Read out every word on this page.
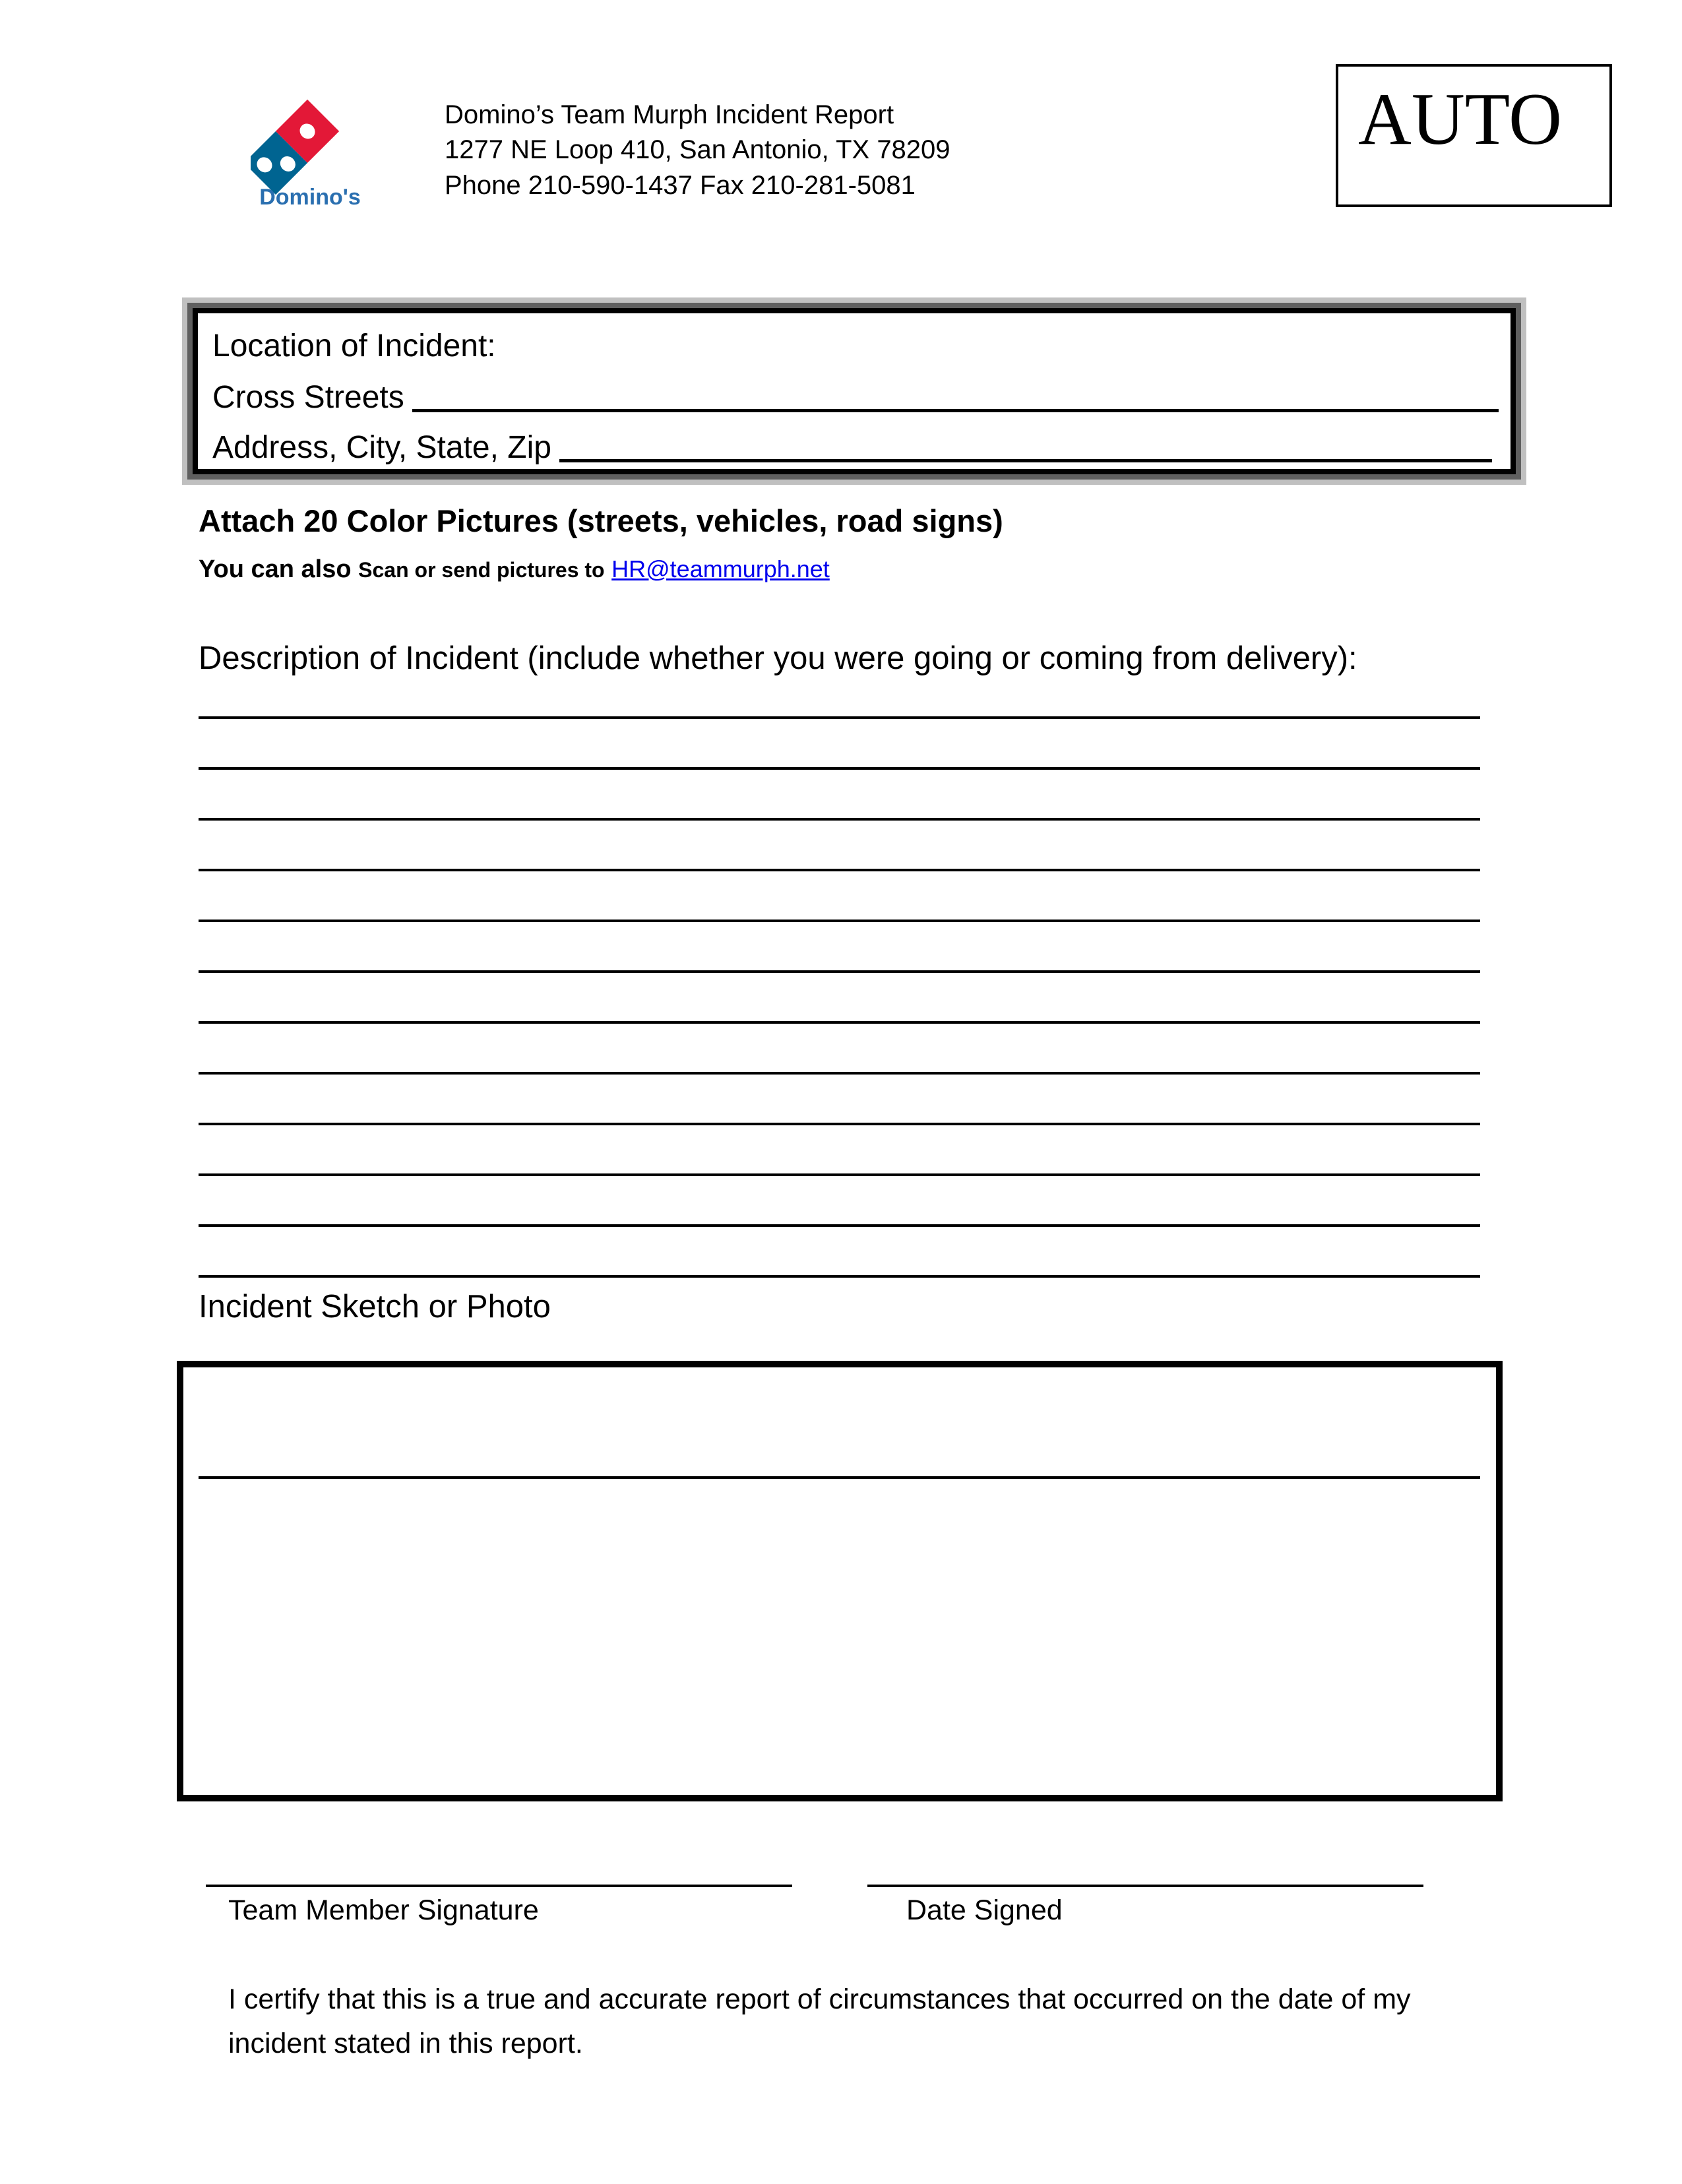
Domino's
Domino’s Team Murph Incident Report
1277 NE Loop 410, San Antonio, TX 78209
Phone 210-590-1437 Fax 210-281-5081
AUTO
Location of Incident:
Cross Streets
Address, City, State, Zip
Attach 20 Color Pictures (streets, vehicles, road signs)
You can also Scan or send pictures to HR@teammurph.net
Description of Incident (include whether you were going or coming from delivery):
Incident Sketch or Photo
Team Member Signature	Date Signed
I certify that this is a true and accurate report of circumstances that occurred on the date of my incident stated in this report.
